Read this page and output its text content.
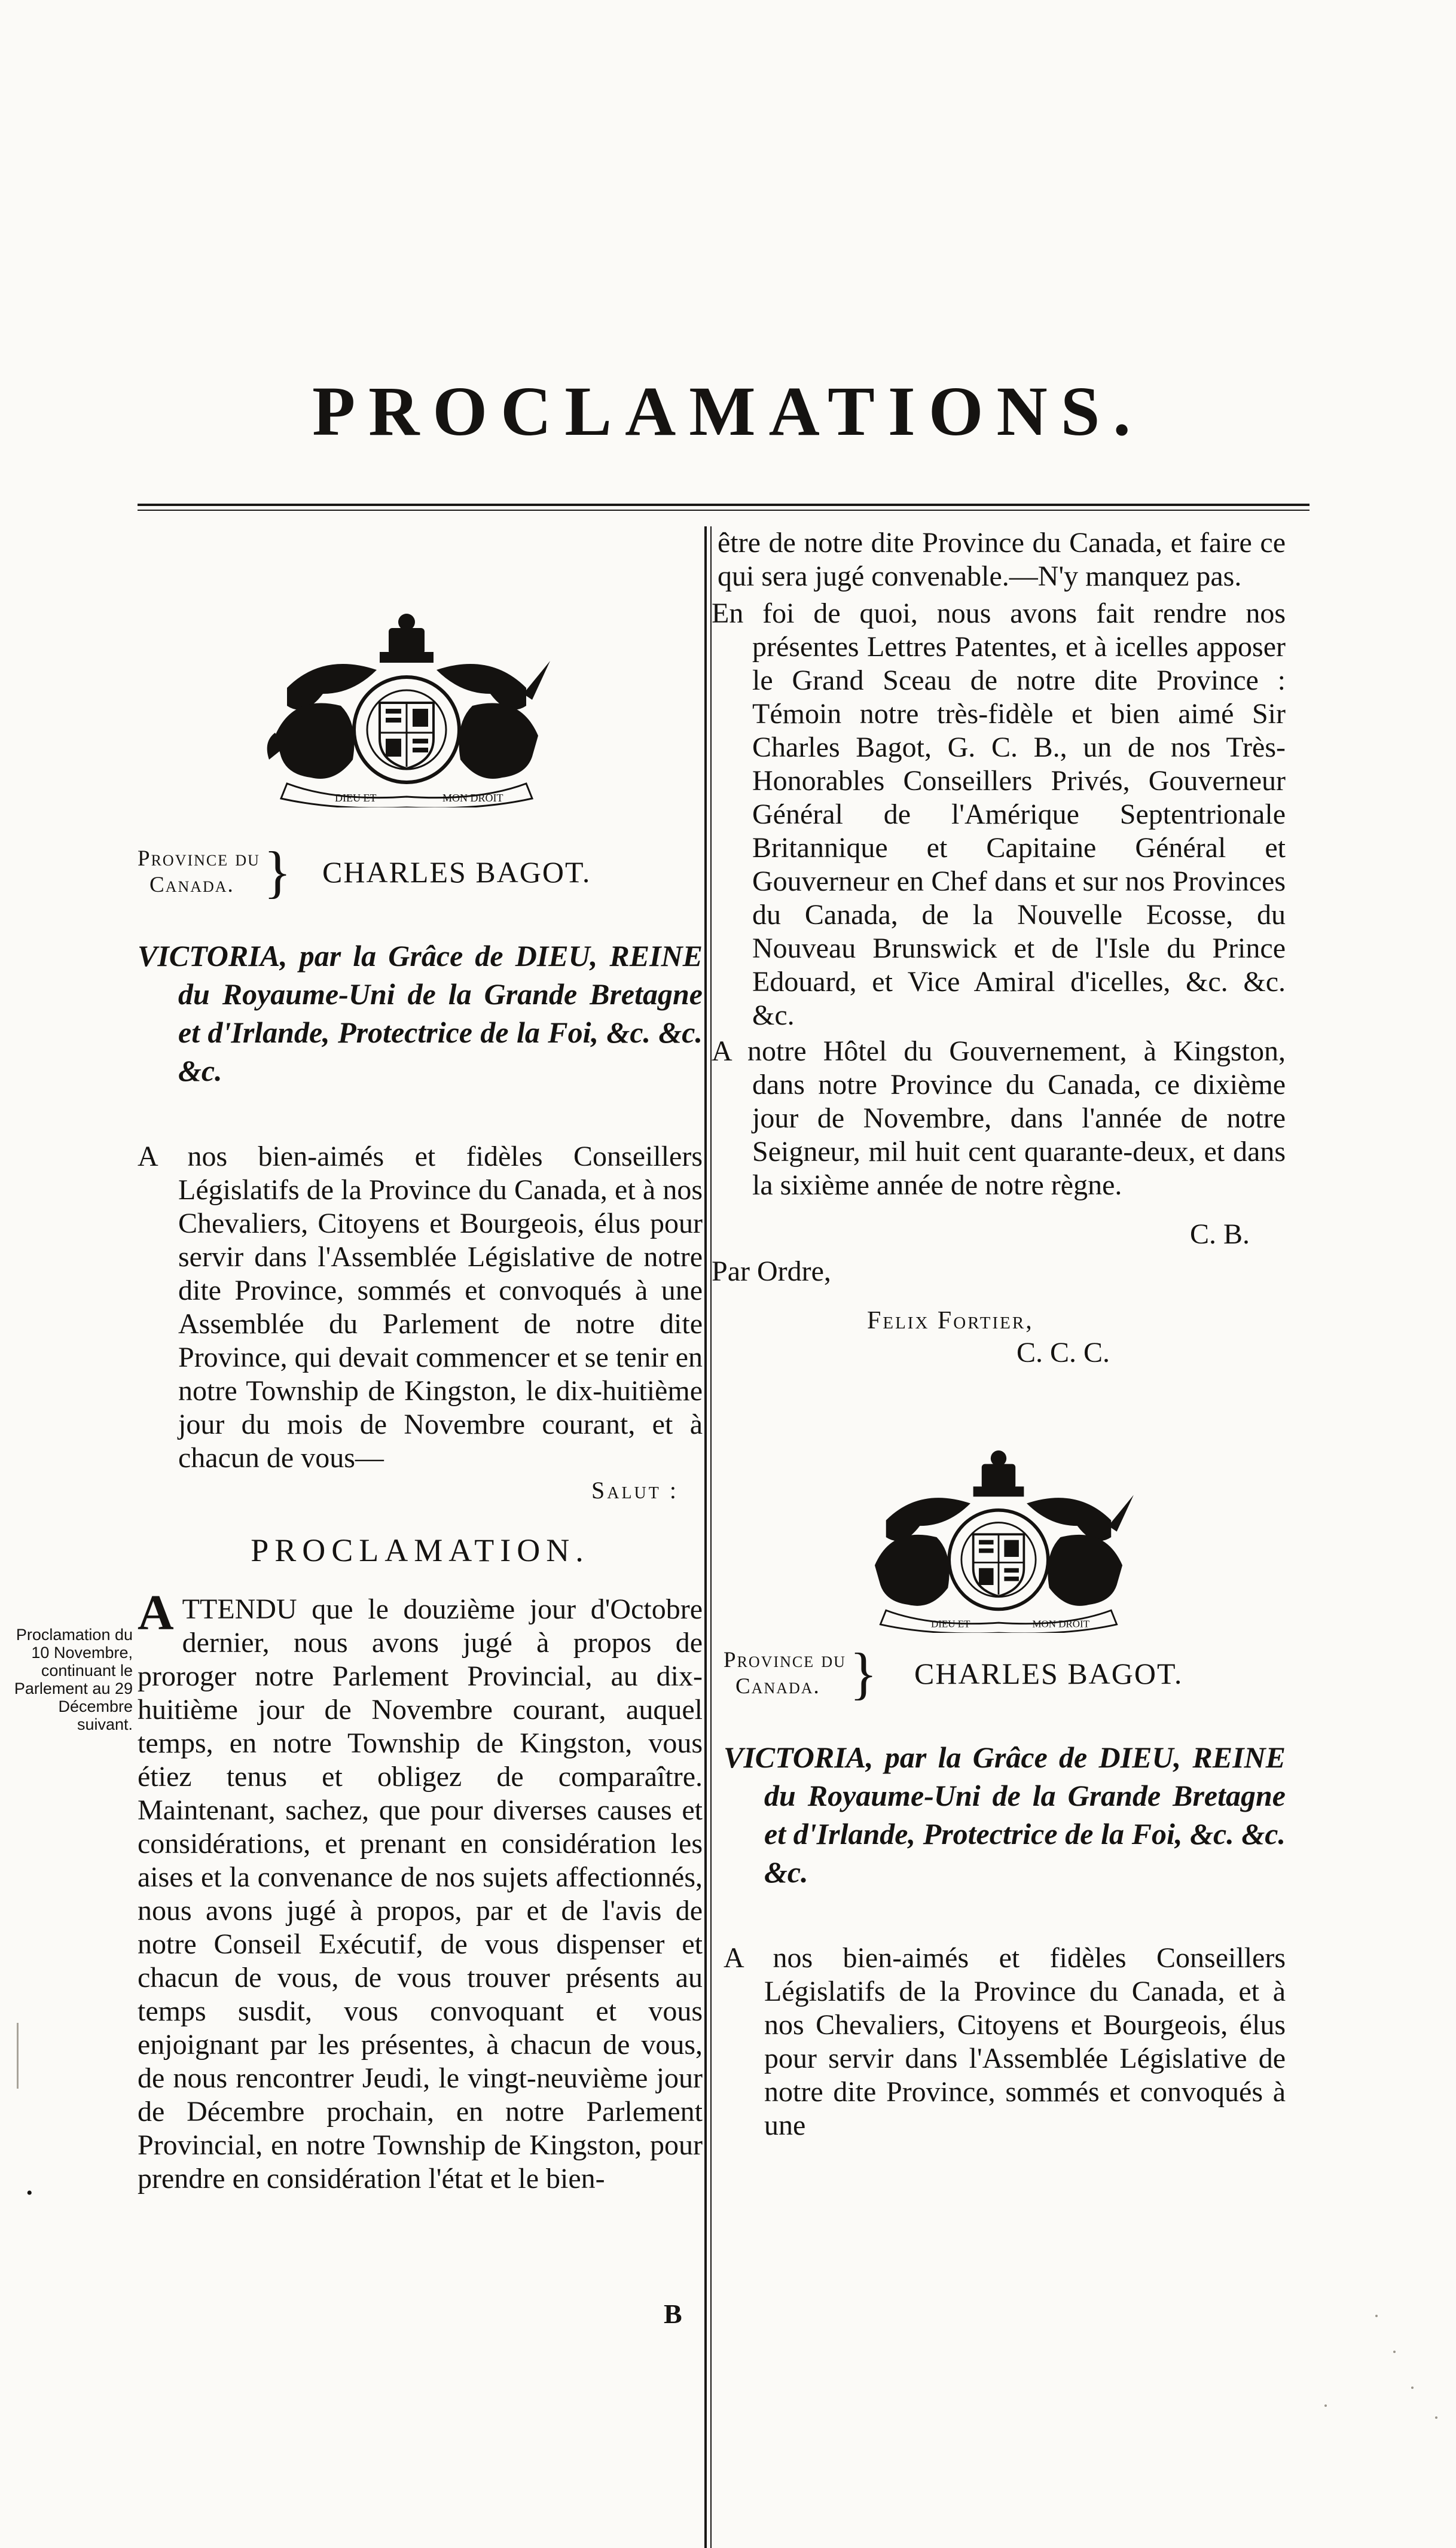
PROCLAMATIONS.
Proclamation du 10 Novembre, continuant le Parlement au 29 Décembre suivant.
•
DIEU ET	MON DROIT
Province du
Canada. } CHARLES BAGOT.

VICTORIA, par la Grâce de DIEU, REINE du Royaume-Uni de la Grande Bretagne et d'Irlande, Protectrice de la Foi, &c. &c. &c.

A nos bien-aimés et fidèles Conseillers Législatifs de la Province du Canada, et à nos Chevaliers, Citoyens et Bourgeois, élus pour servir dans l'Assemblée Législative de notre dite Province, sommés et convoqués à une Assemblée du Parlement de notre dite Province, qui devait commencer et se tenir en notre Township de Kingston, le dix-huitième jour du mois de Novembre courant, et à chacun de vous—

Salut :
PROCLAMATION.

ATTENDU que le douzième jour d'Octobre dernier, nous avons jugé à propos de proroger notre Parlement Provincial, au dix-huitième jour de Novembre courant, auquel temps, en notre Township de Kingston, vous étiez tenus et obligez de comparaître. Maintenant, sachez, que pour diverses causes et considérations, et prenant en considération les aises et la convenance de nos sujets affectionnés, nous avons jugé à propos, par et de l'avis de notre Conseil Exécutif, de vous dispenser et chacun de vous, de vous trouver présents au temps susdit, vous convoquant et vous enjoignant par les présentes, à chacun de vous, de nous rencontrer Jeudi, le vingt-neuvième jour de Décembre prochain, en notre Parlement Provincial, en notre Township de Kingston, pour prendre en considération l'état et le bien-

être de notre dite Province du Canada, et faire ce qui sera jugé convenable.—N'y manquez pas.

En foi de quoi, nous avons fait rendre nos présentes Lettres Patentes, et à icelles apposer le Grand Sceau de notre dite Province : Témoin notre très-fidèle et bien aimé Sir Charles Bagot, G. C. B., un de nos Très-Honorables Conseillers Privés, Gouverneur Général de l'Amérique Septentrionale Britannique et Capitaine Général et Gouverneur en Chef dans et sur nos Provinces du Canada, de la Nouvelle Ecosse, du Nouveau Brunswick et de l'Isle du Prince Edouard, et Vice Amiral d'icelles, &c. &c. &c.

A notre Hôtel du Gouvernement, à Kingston, dans notre Province du Canada, ce dixième jour de Novembre, dans l'année de notre Seigneur, mil huit cent quarante-deux, et dans la sixième année de notre règne.

C. B.
Par Ordre,
Felix Fortier,
C. C. C.
DIEU ET	MON DROIT
Province du
Canada. } CHARLES BAGOT.

VICTORIA, par la Grâce de DIEU, REINE du Royaume-Uni de la Grande Bretagne et d'Irlande, Protectrice de la Foi, &c. &c. &c.

A nos bien-aimés et fidèles Conseillers Législatifs de la Province du Canada, et à nos Chevaliers, Citoyens et Bourgeois, élus pour servir dans l'Assemblée Législative de notre dite Province, sommés et convoqués à une

B
